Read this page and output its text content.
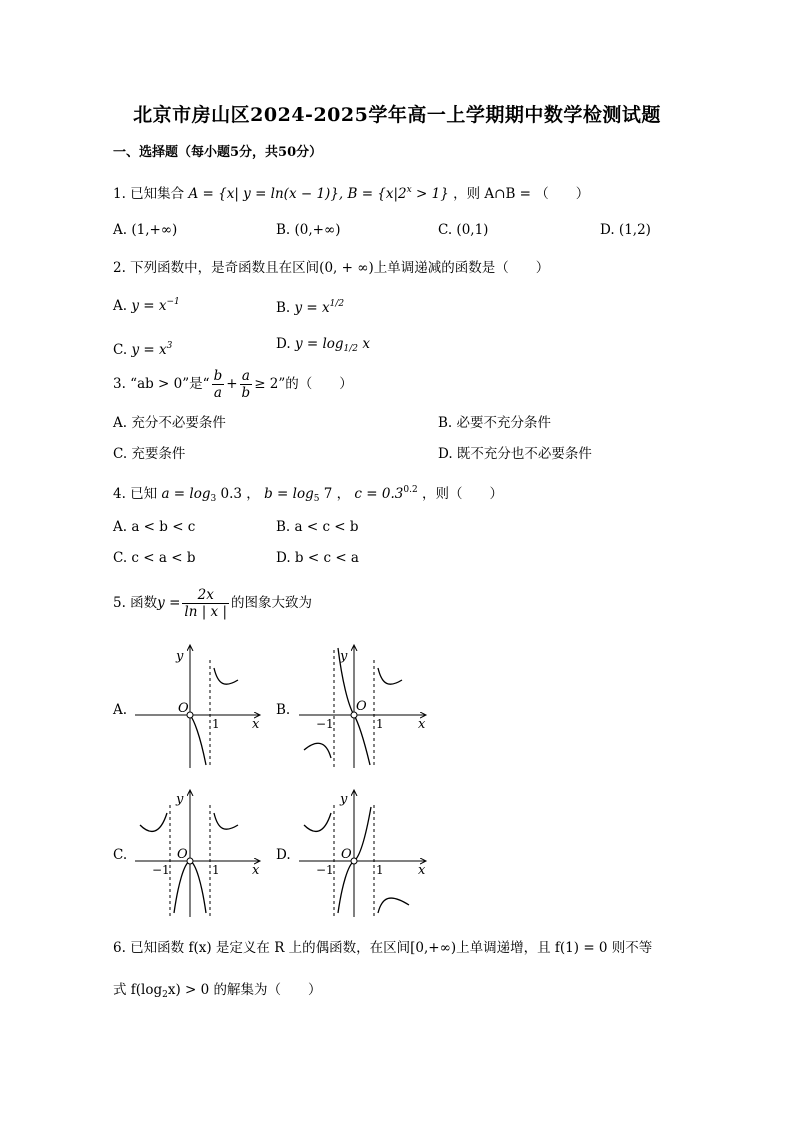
北京市房山区2024-2025学年高一上学期期中数学检测试题
一、选择题（每小题5分，共50分）
1. 已知集合 A = {x| y = ln(x − 1)}, $B = \{x|2^x > 1\}$ ，则 A∩B = （　　）
A. (1,+∞)	B. (0,+∞)	C. (0,1)	D. (1,2)
2. 下列函数中，是奇函数且在区间(0, + ∞)上单调递减的函数是（　　）
A. $y = x^{-1}$	B. $y = x^{1/2}$
C. $y = x^3$	D. $y = \log_{1/2} x$
3. “ab > 0”是“ $\frac{b}{a} + \frac{a}{b} \ge 2$”的（　　）
A. 充分不必要条件	B. 必要不充分条件
C. 充要条件	D. 既不充分也不必要条件
4. 已知 $a = \log_3 0.3$ ， $b = \log_5 7$ ， $c = 0.3^{0.2}$ ，则（　　）
A. a < b < c	B. a < c < b
C. c < a < b	D. b < c < a
5. 函数$y = \frac{2x}{\ln | x |}$ 的图象大致为
A.
y
x
O
1
B.
y
x
O
−1	1
C.
y
x
O
−1	1
D.
y
x
O
−1	1
6. 已知函数 f(x) 是定义在 R 上的偶函数，在区间[0,+∞)上单调递增，且 f(1) = 0 则不等
式 $f(\log_2x) > 0$ 的解集为（　　）
